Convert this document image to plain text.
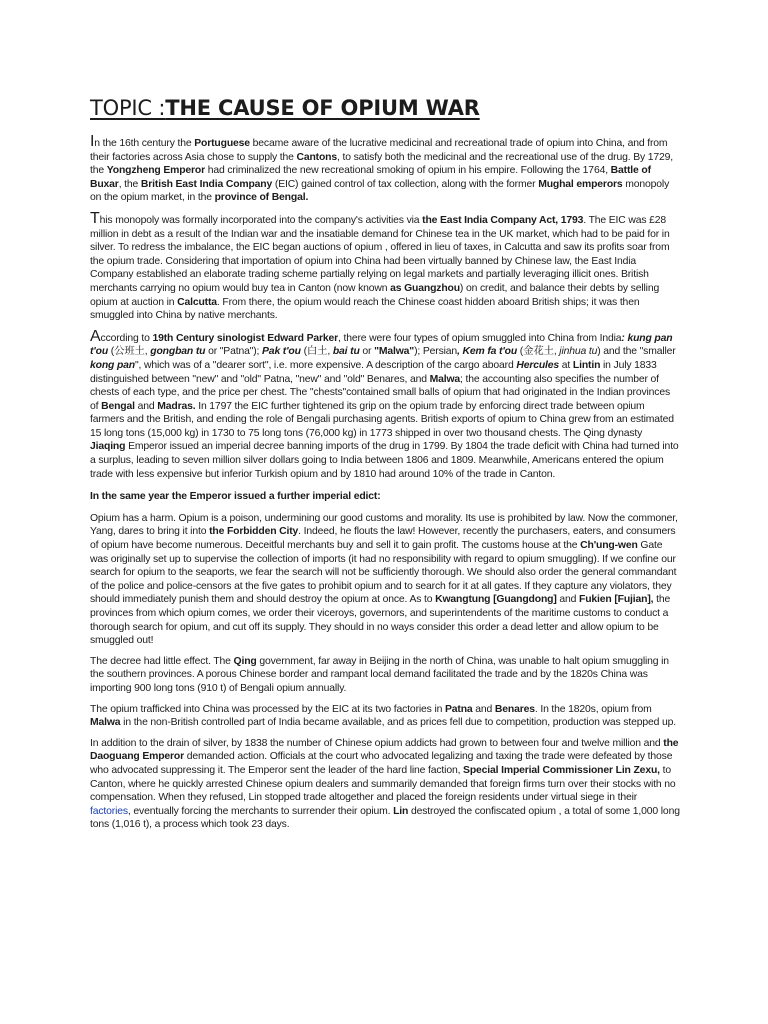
TOPIC :THE CAUSE OF OPIUM WAR

In the 16th century the Portuguese became aware of the lucrative medicinal and recreational trade of opium into China, and from their factories across Asia chose to supply the Cantons, to satisfy both the medicinal and the recreational use of the drug. By 1729, the Yongzheng Emperor had criminalized the new recreational smoking of opium in his empire. Following the 1764, Battle of Buxar, the British East India Company (EIC) gained control of tax collection, along with the former Mughal emperors monopoly on the opium market, in the province of Bengal.

This monopoly was formally incorporated into the company's activities via the East India Company Act, 1793. The EIC was £28 million in debt as a result of the Indian war and the insatiable demand for Chinese tea in the UK market, which had to be paid for in silver. To redress the imbalance, the EIC began auctions of opium , offered in lieu of taxes, in Calcutta and saw its profits soar from the opium trade. Considering that importation of opium into China had been virtually banned by Chinese law, the East India Company established an elaborate trading scheme partially relying on legal markets and partially leveraging illicit ones. British merchants carrying no opium would buy tea in Canton (now known as Guangzhou) on credit, and balance their debts by selling opium at auction in Calcutta. From there, the opium would reach the Chinese coast hidden aboard British ships; it was then smuggled into China by native merchants.

According to 19th Century sinologist Edward Parker, there were four types of opium smuggled into China from India: kung pan t'ou (公班土, gongban tu or "Patna"); Pak t'ou (白土, bai tu or "Malwa"); Persian, Kem fa t'ou (金花土, jinhua tu) and the "smaller kong pan", which was of a "dearer sort", i.e. more expensive. A description of the cargo aboard Hercules at Lintin in July 1833 distinguished between "new" and "old" Patna, "new" and "old" Benares, and Malwa; the accounting also specifies the number of chests of each type, and the price per chest. The "chests"contained small balls of opium that had originated in the Indian provinces of Bengal and Madras. In 1797 the EIC further tightened its grip on the opium trade by enforcing direct trade between opium farmers and the British, and ending the role of Bengali purchasing agents. British exports of opium to China grew from an estimated 15 long tons (15,000 kg) in 1730 to 75 long tons (76,000 kg) in 1773 shipped in over two thousand chests. The Qing dynasty Jiaqing Emperor issued an imperial decree banning imports of the drug in 1799. By 1804 the trade deficit with China had turned into a surplus, leading to seven million silver dollars going to India between 1806 and 1809. Meanwhile, Americans entered the opium trade with less expensive but inferior Turkish opium and by 1810 had around 10% of the trade in Canton.

In the same year the Emperor issued a further imperial edict:

Opium has a harm. Opium is a poison, undermining our good customs and morality. Its use is prohibited by law. Now the commoner, Yang, dares to bring it into the Forbidden City. Indeed, he flouts the law! However, recently the purchasers, eaters, and consumers of opium have become numerous. Deceitful merchants buy and sell it to gain profit. The customs house at the Ch'ung-wen Gate was originally set up to supervise the collection of imports (it had no responsibility with regard to opium smuggling). If we confine our search for opium to the seaports, we fear the search will not be sufficiently thorough. We should also order the general commandant of the police and police-censors at the five gates to prohibit opium and to search for it at all gates. If they capture any violators, they should immediately punish them and should destroy the opium at once. As to Kwangtung [Guangdong] and Fukien [Fujian], the provinces from which opium comes, we order their viceroys, governors, and superintendents of the maritime customs to conduct a thorough search for opium, and cut off its supply. They should in no ways consider this order a dead letter and allow opium to be smuggled out!

The decree had little effect. The Qing government, far away in Beijing in the north of China, was unable to halt opium smuggling in the southern provinces. A porous Chinese border and rampant local demand facilitated the trade and by the 1820s China was importing 900 long tons (910 t) of Bengali opium annually.

The opium trafficked into China was processed by the EIC at its two factories in Patna and Benares. In the 1820s, opium from Malwa in the non-British controlled part of India became available, and as prices fell due to competition, production was stepped up.

In addition to the drain of silver, by 1838 the number of Chinese opium addicts had grown to between four and twelve million and the Daoguang Emperor demanded action. Officials at the court who advocated legalizing and taxing the trade were defeated by those who advocated suppressing it. The Emperor sent the leader of the hard line faction, Special Imperial Commissioner Lin Zexu, to Canton, where he quickly arrested Chinese opium dealers and summarily demanded that foreign firms turn over their stocks with no compensation. When they refused, Lin stopped trade altogether and placed the foreign residents under virtual siege in their factories, eventually forcing the merchants to surrender their opium. Lin destroyed the confiscated opium , a total of some 1,000 long tons (1,016 t), a process which took 23 days.
